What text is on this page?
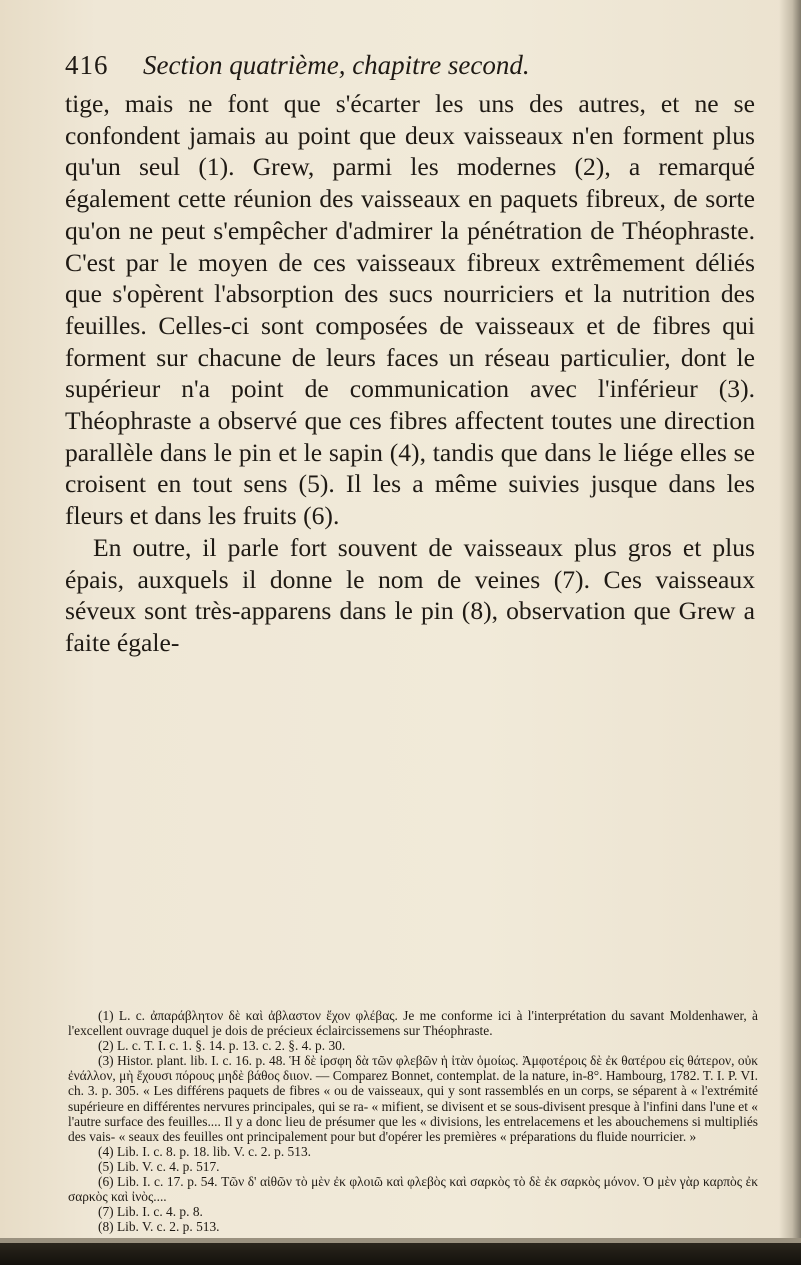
416 Section quatrième, chapitre second.

tige, mais ne font que s'écarter les uns des autres, et ne se confondent jamais au point que deux vaisseaux n'en forment plus qu'un seul (1). Grew, parmi les modernes (2), a remarqué également cette réunion des vaisseaux en paquets fibreux, de sorte qu'on ne peut s'empêcher d'admirer la pénétration de Théophraste. C'est par le moyen de ces vaisseaux fibreux extrêmement déliés que s'opèrent l'absorption des sucs nourriciers et la nutrition des feuilles. Celles-ci sont composées de vaisseaux et de fibres qui forment sur chacune de leurs faces un réseau particulier, dont le supérieur n'a point de communication avec l'inférieur (3). Théophraste a observé que ces fibres affectent toutes une direction parallèle dans le pin et le sapin (4), tandis que dans le liége elles se croisent en tout sens (5). Il les a même suivies jusque dans les fleurs et dans les fruits (6).

En outre, il parle fort souvent de vaisseaux plus gros et plus épais, auxquels il donne le nom de veines (7). Ces vaisseaux séveux sont très-apparens dans le pin (8), observation que Grew a faite égale-

(1) L. c. ἀπαράβλητον δὲ καὶ ἀβλαστον ἔχον φλέβας. Je me conforme ici à l'interprétation du savant Moldenhawer, à l'excellent ouvrage duquel je dois de précieux éclaircissemens sur Théophraste.

(2) L. c. T. I. c. 1. §. 14. p. 13. c. 2. §. 4. p. 30.

(3) Histor. plant. lib. I. c. 16. p. 48. Ἡ δὲ ἰρσφη δὰ τῶν φλεβῶν ἡ ἰτὰν ὁμοίως. Ἀμφοτέροις δὲ ἐκ θατέρου εἰς θάτερον, οὐκ ἐνάλλον, μὴ ἔχουσι πόρους μηδὲ βάθος διιον. — Comparez Bonnet, contemplat. de la nature, in-8°. Hambourg, 1782. T. I. P. VI. ch. 3. p. 305. « Les différens paquets de fibres « ou de vaisseaux, qui y sont rassemblés en un corps, se séparent à « l'extrémité supérieure en différentes nervures principales, qui se ra- « mifient, se divisent et se sous-divisent presque à l'infini dans l'une et « l'autre surface des feuilles.... Il y a donc lieu de présumer que les « divisions, les entrelacemens et les abouchemens si multipliés des vais- « seaux des feuilles ont principalement pour but d'opérer les premières « préparations du fluide nourricier. »

(4) Lib. I. c. 8. p. 18. lib. V. c. 2. p. 513.

(5) Lib. V. c. 4. p. 517.

(6) Lib. I. c. 17. p. 54. Τῶν δ' αἰθῶν τὸ μὲν ἐκ φλοιῶ καὶ φλεβὸς καὶ σαρκὸς τὸ δὲ ἐκ σαρκὸς μόνον. Ὁ μὲν γὰρ καρπὸς ἐκ σαρκὸς καὶ ἰνὸς....

(7) Lib. I. c. 4. p. 8.

(8) Lib. V. c. 2. p. 513.
